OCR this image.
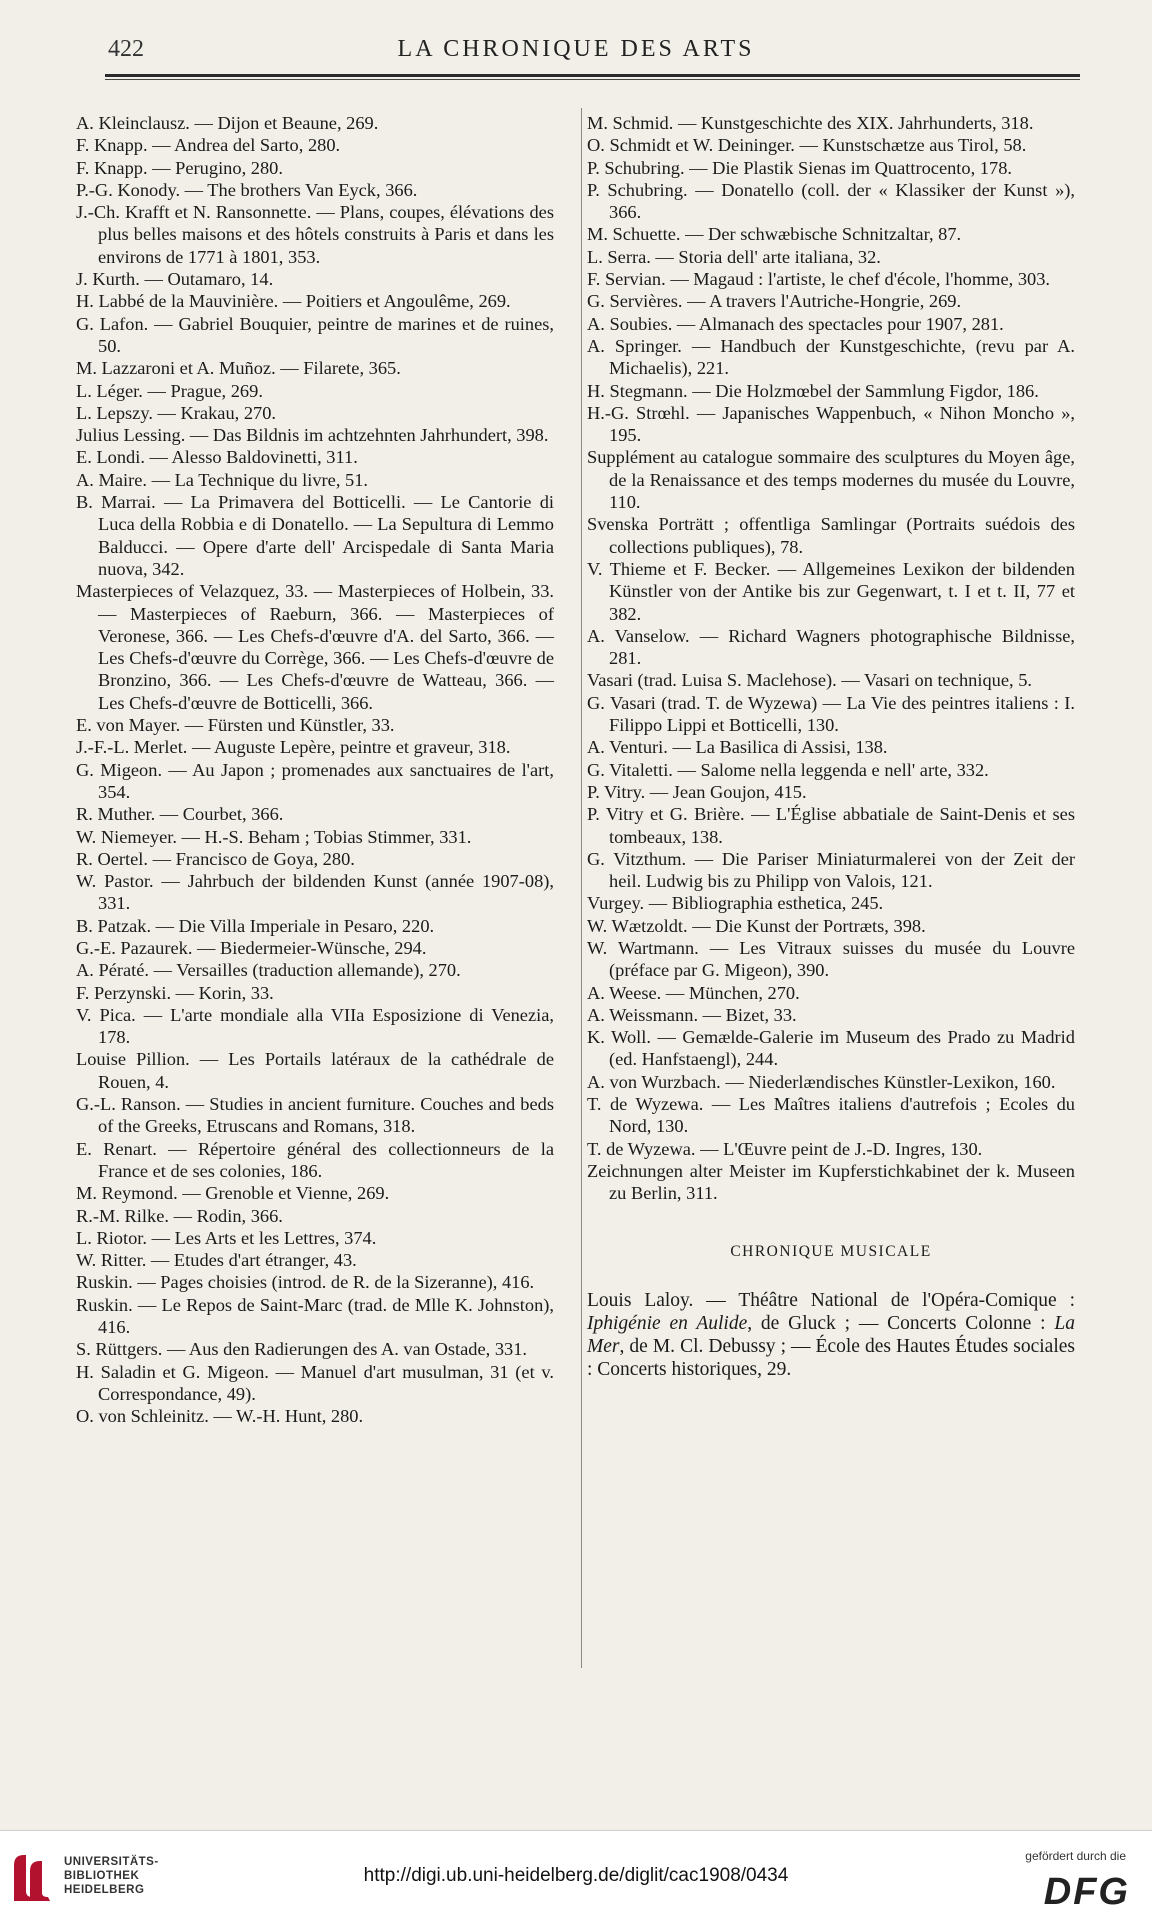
422	LA CHRONIQUE DES ARTS

A. Kleinclausz. — Dijon et Beaune, 269.

F. Knapp. — Andrea del Sarto, 280.

F. Knapp. — Perugino, 280.

P.-G. Konody. — The brothers Van Eyck, 366.

J.-Ch. Krafft et N. Ransonnette. — Plans, coupes, élévations des plus belles maisons et des hôtels construits à Paris et dans les environs de 1771 à 1801, 353.

J. Kurth. — Outamaro, 14.

H. Labbé de la Mauvinière. — Poitiers et Angoulême, 269.

G. Lafon. — Gabriel Bouquier, peintre de marines et de ruines, 50.

M. Lazzaroni et A. Muñoz. — Filarete, 365.

L. Léger. — Prague, 269.

L. Lepszy. — Krakau, 270.

Julius Lessing. — Das Bildnis im achtzehnten Jahrhundert, 398.

E. Londi. — Alesso Baldovinetti, 311.

A. Maire. — La Technique du livre, 51.

B. Marrai. — La Primavera del Botticelli. — Le Cantorie di Luca della Robbia e di Donatello. — La Sepultura di Lemmo Balducci. — Opere d'arte dell' Arcispedale di Santa Maria nuova, 342.

Masterpieces of Velazquez, 33. — Masterpieces of Holbein, 33. — Masterpieces of Raeburn, 366. — Masterpieces of Veronese, 366. — Les Chefs-d'œuvre d'A. del Sarto, 366. — Les Chefs-d'œuvre du Corrège, 366. — Les Chefs-d'œuvre de Bronzino, 366. — Les Chefs-d'œuvre de Watteau, 366. — Les Chefs-d'œuvre de Botticelli, 366.

E. von Mayer. — Fürsten und Künstler, 33.

J.-F.-L. Merlet. — Auguste Lepère, peintre et graveur, 318.

G. Migeon. — Au Japon ; promenades aux sanctuaires de l'art, 354.

R. Muther. — Courbet, 366.

W. Niemeyer. — H.-S. Beham ; Tobias Stimmer, 331.

R. Oertel. — Francisco de Goya, 280.

W. Pastor. — Jahrbuch der bildenden Kunst (année 1907-08), 331.

B. Patzak. — Die Villa Imperiale in Pesaro, 220.

G.-E. Pazaurek. — Biedermeier-Wünsche, 294.

A. Pératé. — Versailles (traduction allemande), 270.

F. Perzynski. — Korin, 33.

V. Pica. — L'arte mondiale alla VIIa Esposizione di Venezia, 178.

Louise Pillion. — Les Portails latéraux de la cathédrale de Rouen, 4.

G.-L. Ranson. — Studies in ancient furniture. Couches and beds of the Greeks, Etruscans and Romans, 318.

E. Renart. — Répertoire général des collectionneurs de la France et de ses colonies, 186.

M. Reymond. — Grenoble et Vienne, 269.

R.-M. Rilke. — Rodin, 366.

L. Riotor. — Les Arts et les Lettres, 374.

W. Ritter. — Etudes d'art étranger, 43.

Ruskin. — Pages choisies (introd. de R. de la Sizeranne), 416.

Ruskin. — Le Repos de Saint-Marc (trad. de Mlle K. Johnston), 416.

S. Rüttgers. — Aus den Radierungen des A. van Ostade, 331.

H. Saladin et G. Migeon. — Manuel d'art musulman, 31 (et v. Correspondance, 49).

O. von Schleinitz. — W.-H. Hunt, 280.

M. Schmid. — Kunstgeschichte des XIX. Jahrhunderts, 318.

O. Schmidt et W. Deininger. — Kunstschætze aus Tirol, 58.

P. Schubring. — Die Plastik Sienas im Quattrocento, 178.

P. Schubring. — Donatello (coll. der « Klassiker der Kunst »), 366.

M. Schuette. — Der schwæbische Schnitzaltar, 87.

L. Serra. — Storia dell' arte italiana, 32.

F. Servian. — Magaud : l'artiste, le chef d'école, l'homme, 303.

G. Servières. — A travers l'Autriche-Hongrie, 269.

A. Soubies. — Almanach des spectacles pour 1907, 281.

A. Springer. — Handbuch der Kunstgeschichte, (revu par A. Michaelis), 221.

H. Stegmann. — Die Holzmœbel der Sammlung Figdor, 186.

H.-G. Strœhl. — Japanisches Wappenbuch, « Nihon Moncho », 195.

Supplément au catalogue sommaire des sculptures du Moyen âge, de la Renaissance et des temps modernes du musée du Louvre, 110.

Svenska Porträtt ; offentliga Samlingar (Portraits suédois des collections publiques), 78.

V. Thieme et F. Becker. — Allgemeines Lexikon der bildenden Künstler von der Antike bis zur Gegenwart, t. I et t. II, 77 et 382.

A. Vanselow. — Richard Wagners photographische Bildnisse, 281.

Vasari (trad. Luisa S. Maclehose). — Vasari on technique, 5.

G. Vasari (trad. T. de Wyzewa) — La Vie des peintres italiens : I. Filippo Lippi et Botticelli, 130.

A. Venturi. — La Basilica di Assisi, 138.

G. Vitaletti. — Salome nella leggenda e nell' arte, 332.

P. Vitry. — Jean Goujon, 415.

P. Vitry et G. Brière. — L'Église abbatiale de Saint-Denis et ses tombeaux, 138.

G. Vitzthum. — Die Pariser Miniaturmalerei von der Zeit der heil. Ludwig bis zu Philipp von Valois, 121.

Vurgey. — Bibliographia esthetica, 245.

W. Wætzoldt. — Die Kunst der Portræts, 398.

W. Wartmann. — Les Vitraux suisses du musée du Louvre (préface par G. Migeon), 390.

A. Weese. — München, 270.

A. Weissmann. — Bizet, 33.

K. Woll. — Gemælde-Galerie im Museum des Prado zu Madrid (ed. Hanfstaengl), 244.

A. von Wurzbach. — Niederlændisches Künstler-Lexikon, 160.

T. de Wyzewa. — Les Maîtres italiens d'autrefois ; Ecoles du Nord, 130.

T. de Wyzewa. — L'Œuvre peint de J.-D. Ingres, 130.

Zeichnungen alter Meister im Kupferstichkabinet der k. Museen zu Berlin, 311.

CHRONIQUE MUSICALE

Louis Laloy. — Théâtre National de l'Opéra-Comique : Iphigénie en Aulide, de Gluck ; — Concerts Colonne : La Mer, de M. Cl. Debussy ; — École des Hautes Études sociales : Concerts historiques, 29.

UNIVERSITÄTS-
BIBLIOTHEK
HEIDELBERG
http://digi.ub.uni-heidelberg.de/diglit/cac1908/0434
gefördert durch die
DFG
